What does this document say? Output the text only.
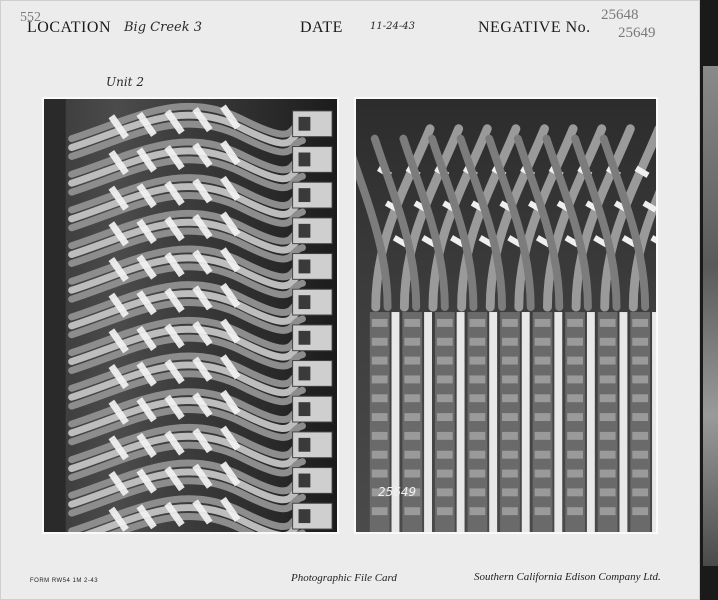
552
LOCATION Big Creek 3	DATE	11-24-43	NEGATIVE No.
25648
25649
Unit 2
25649
FORM RW54 1M 2-43	Photographic File Card	Southern California Edison Company Ltd.
